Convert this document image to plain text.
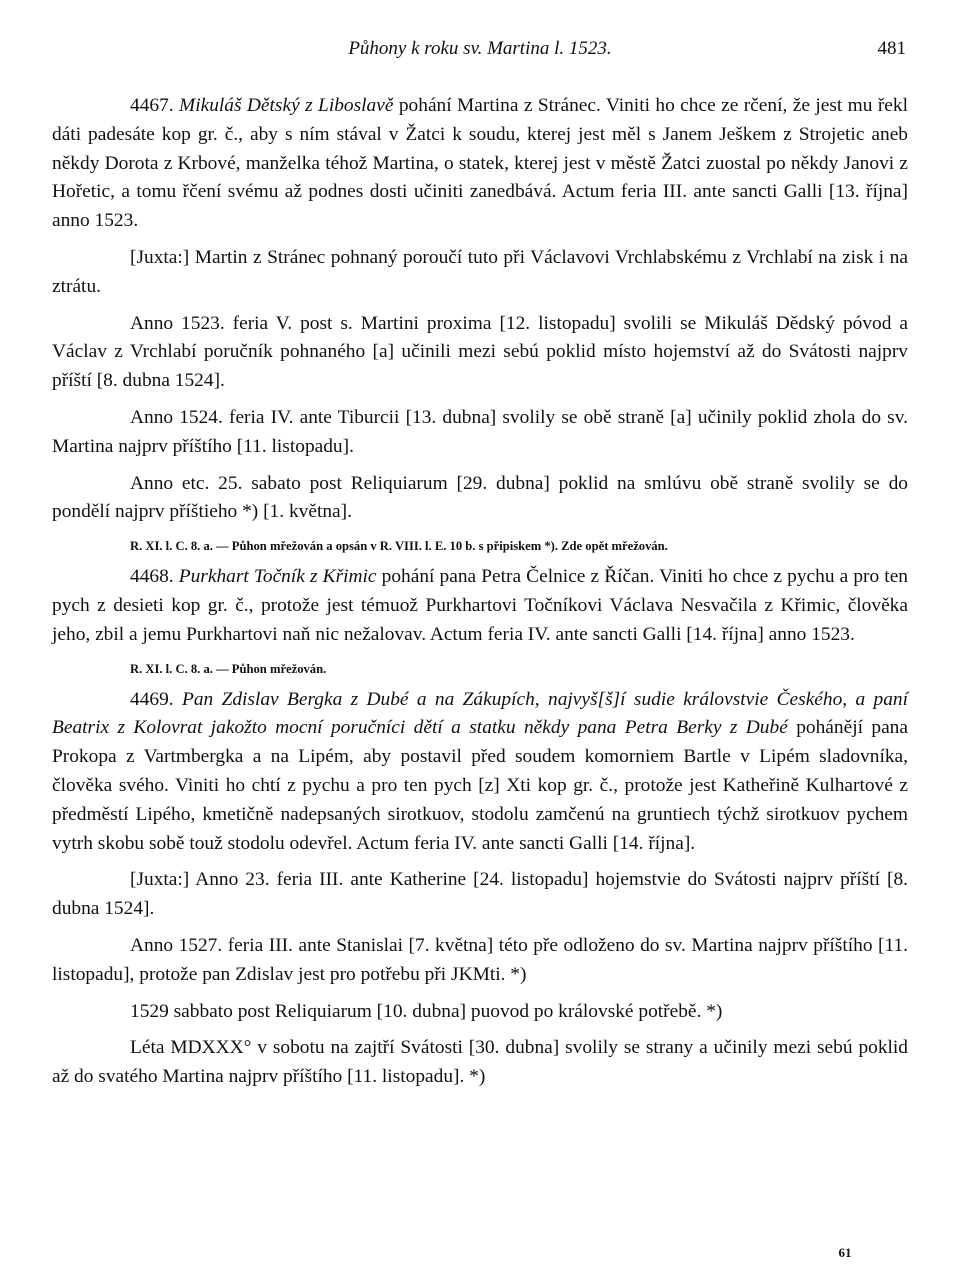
Půhony k roku sv. Martina l. 1523.	481

4467. Mikuláš Dětský z Liboslavě pohání Martina z Stránec. Viniti ho chce ze rčení, že jest mu řekl dáti padesáte kop gr. č., aby s ním stával v Žatci k soudu, kterej jest měl s Janem Ješkem z Strojetic aneb někdy Dorota z Krbové, manželka téhož Martina, o statek, kterej jest v městě Žatci zuostal po někdy Janovi z Hořetic, a tomu řčení svému až podnes dosti učiniti zanedbává. Actum feria III. ante sancti Galli [13. října] anno 1523.

[Juxta:] Martin z Stránec pohnaný poroučí tuto při Václavovi Vrchlabskému z Vrchlabí na zisk i na ztrátu.

Anno 1523. feria V. post s. Martini proxima [12. listopadu] svolili se Mikuláš Dědský póvod a Václav z Vrchlabí poručník pohnaného [a] učinili mezi sebú poklid místo hojemství až do Svátosti najprv příští [8. dubna 1524].

Anno 1524. feria IV. ante Tiburcii [13. dubna] svolily se obě straně [a] učinily poklid zhola do sv. Martina najprv příštího [11. listopadu].

Anno etc. 25. sabato post Reliquiarum [29. dubna] poklid na smlúvu obě straně svolily se do pondělí najprv příštieho *) [1. května].

R. XI. l. C. 8. a. — Půhon mřežován a opsán v R. VIII. l. E. 10 b. s připiskem *). Zde opět mřežován.

4468. Purkhart Točník z Křimic pohání pana Petra Čelnice z Říčan. Viniti ho chce z pychu a pro ten pych z desieti kop gr. č., protože jest témuož Purkhartovi Točníkovi Václava Nesvačila z Křimic, člověka jeho, zbil a jemu Purkhartovi naň nic nežalovav. Actum feria IV. ante sancti Galli [14. října] anno 1523.

R. XI. l. C. 8. a. — Půhon mřežován.

4469. Pan Zdislav Bergka z Dubé a na Zákupích, najvyš[š]í sudie královstvie Českého, a paní Beatrix z Kolovrat jakožto mocní poručníci dětí a statku někdy pana Petra Berky z Dubé pohánějí pana Prokopa z Vartmbergka a na Lipém, aby postavil před soudem komorniem Bartle v Lipém sladovníka, člověka svého. Viniti ho chtí z pychu a pro ten pych [z] Xti kop gr. č., protože jest Katheřině Kulhartové z předměstí Lipého, kmetičně nadepsaných sirotkuov, stodolu zamčenú na gruntiech týchž sirotkuov pychem vytrh skobu sobě touž stodolu odevřel. Actum feria IV. ante sancti Galli [14. října].

[Juxta:] Anno 23. feria III. ante Katherine [24. listopadu] hojemstvie do Svátosti najprv příští [8. dubna 1524].

Anno 1527. feria III. ante Stanislai [7. května] této pře odloženo do sv. Martina najprv příštího [11. listopadu], protože pan Zdislav jest pro potřebu při JKMti. *)

1529 sabbato post Reliquiarum [10. dubna] puovod po královské potřebě. *)

Léta MDXXX° v sobotu na zajtří Svátosti [30. dubna] svolily se strany a učinily mezi sebú poklid až do svatého Martina najprv příštího [11. listopadu]. *)

61
